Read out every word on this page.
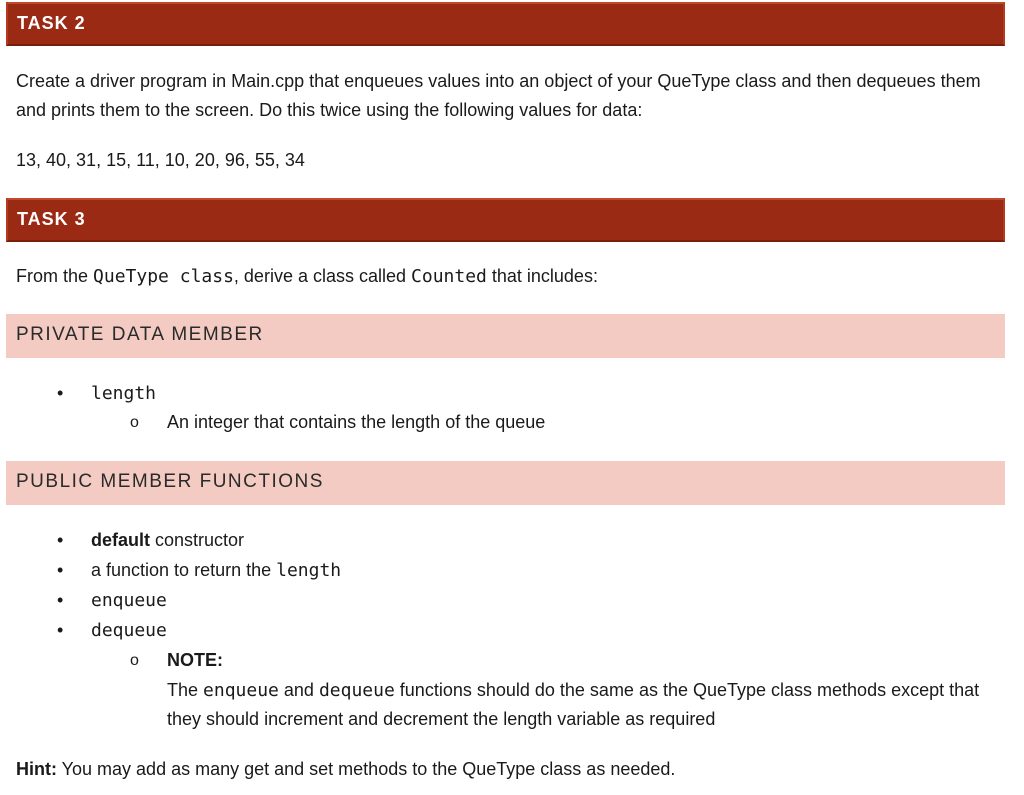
TASK 2
Create a driver program in Main.cpp that enqueues values into an object of your QueType class and then dequeues them and prints them to the screen. Do this twice using the following values for data:
13, 40, 31, 15, 11, 10, 20, 96, 55, 34
TASK 3
From the QueType class, derive a class called Counted that includes:
PRIVATE DATA MEMBER
• length
o An integer that contains the length of the queue
PUBLIC MEMBER FUNCTIONS
• default constructor
• a function to return the length
• enqueue
• dequeue
o NOTE:
The enqueue and dequeue functions should do the same as the QueType class methods except that they should increment and decrement the length variable as required
Hint: You may add as many get and set methods to the QueType class as needed.
